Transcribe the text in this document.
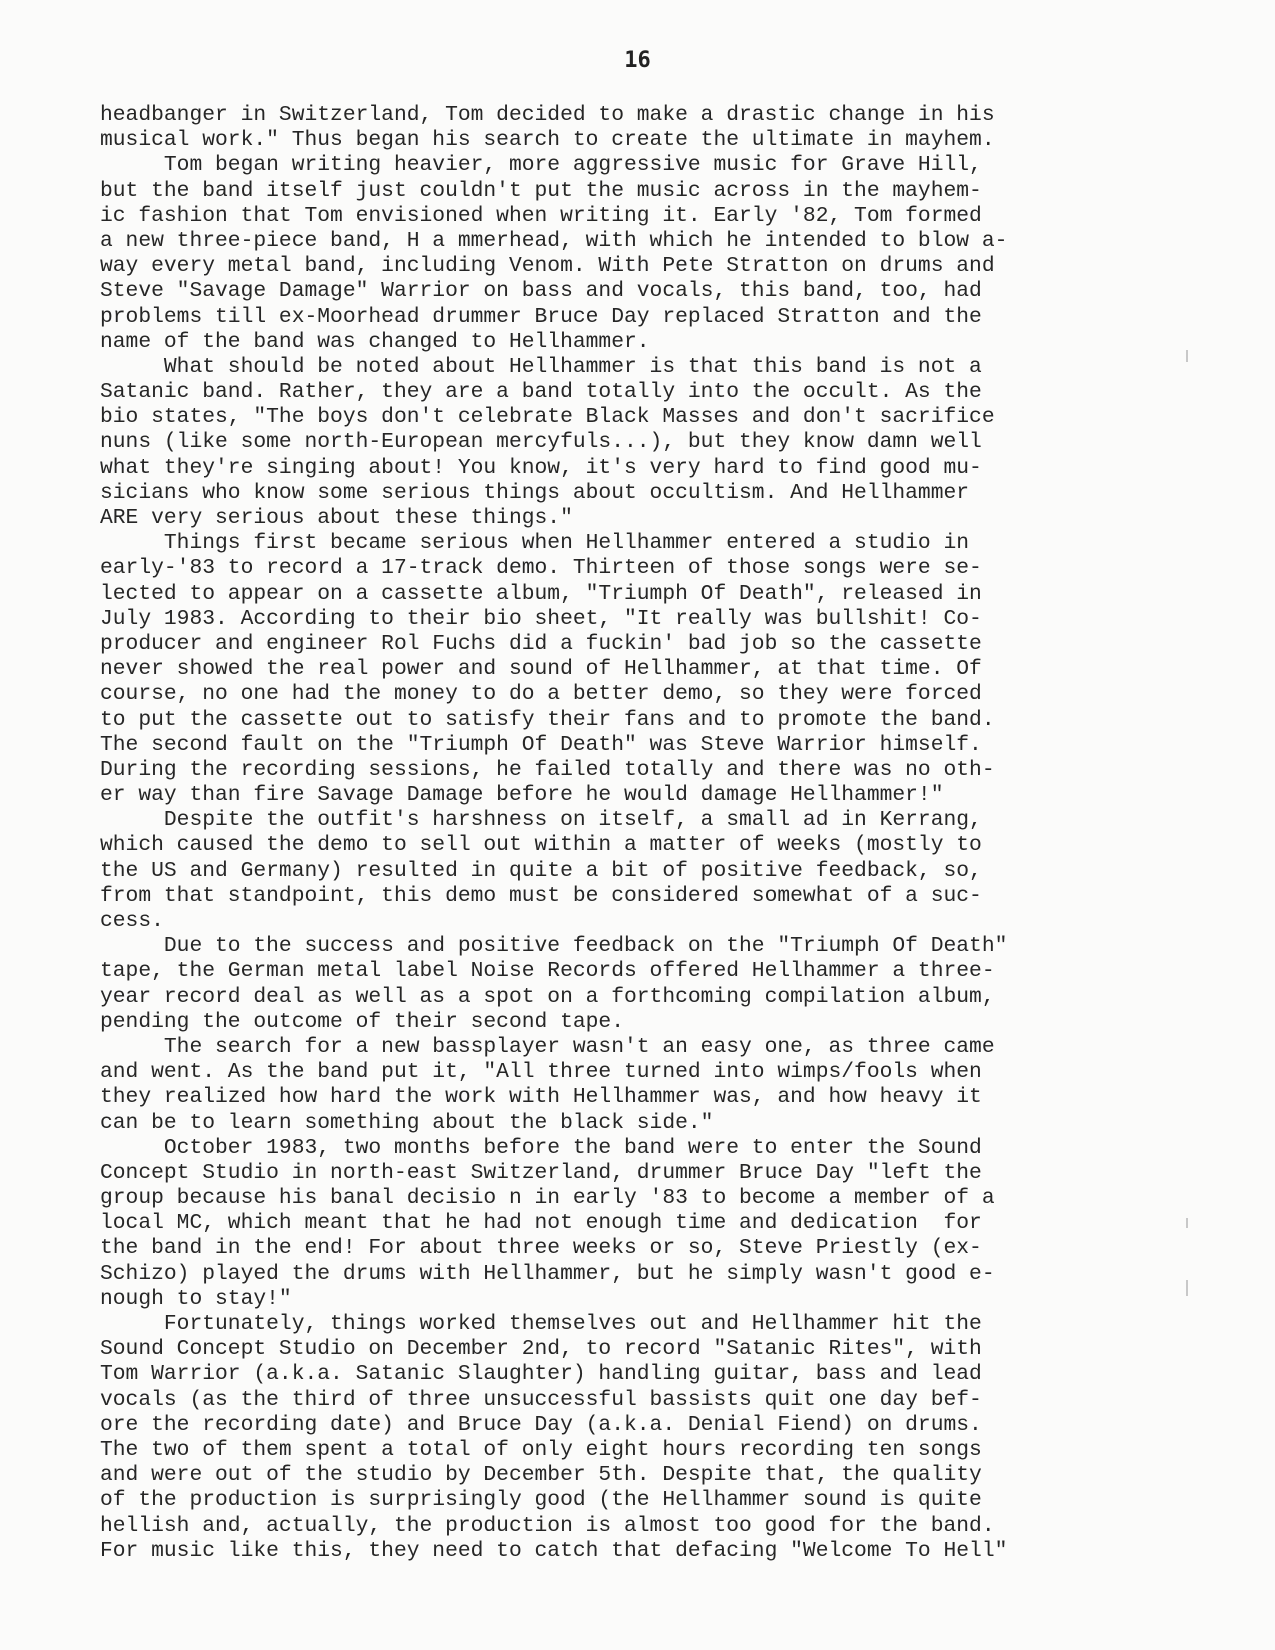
16
headbanger in Switzerland, Tom decided to make a drastic change in his
musical work." Thus began his search to create the ultimate in mayhem.
Tom began writing heavier, more aggressive music for Grave Hill,
but the band itself just couldn't put the music across in the mayhem-
ic fashion that Tom envisioned when writing it. Early '82, Tom formed
a new three-piece band, H a mmerhead, with which he intended to blow a-
way every metal band, including Venom. With Pete Stratton on drums and
Steve "Savage Damage" Warrior on bass and vocals, this band, too, had
problems till ex-Moorhead drummer Bruce Day replaced Stratton and the
name of the band was changed to Hellhammer.
What should be noted about Hellhammer is that this band is not a
Satanic band. Rather, they are a band totally into the occult. As the
bio states, "The boys don't celebrate Black Masses and don't sacrifice
nuns (like some north-European mercyfuls...), but they know damn well
what they're singing about! You know, it's very hard to find good mu-
sicians who know some serious things about occultism. And Hellhammer
ARE very serious about these things."
Things first became serious when Hellhammer entered a studio in
early-'83 to record a 17-track demo. Thirteen of those songs were se-
lected to appear on a cassette album, "Triumph Of Death", released in
July 1983. According to their bio sheet, "It really was bullshit! Co-
producer and engineer Rol Fuchs did a fuckin' bad job so the cassette
never showed the real power and sound of Hellhammer, at that time. Of
course, no one had the money to do a better demo, so they were forced
to put the cassette out to satisfy their fans and to promote the band.
The second fault on the "Triumph Of Death" was Steve Warrior himself.
During the recording sessions, he failed totally and there was no oth-
er way than fire Savage Damage before he would damage Hellhammer!"
Despite the outfit's harshness on itself, a small ad in Kerrang,
which caused the demo to sell out within a matter of weeks (mostly to
the US and Germany) resulted in quite a bit of positive feedback, so,
from that standpoint, this demo must be considered somewhat of a suc-
cess.
Due to the success and positive feedback on the "Triumph Of Death"
tape, the German metal label Noise Records offered Hellhammer a three-
year record deal as well as a spot on a forthcoming compilation album,
pending the outcome of their second tape.
The search for a new bassplayer wasn't an easy one, as three came
and went. As the band put it, "All three turned into wimps/fools when
they realized how hard the work with Hellhammer was, and how heavy it
can be to learn something about the black side."
October 1983, two months before the band were to enter the Sound
Concept Studio in north-east Switzerland, drummer Bruce Day "left the
group because his banal decisio n in early '83 to become a member of a
local MC, which meant that he had not enough time and dedication  for
the band in the end! For about three weeks or so, Steve Priestly (ex-
Schizo) played the drums with Hellhammer, but he simply wasn't good e-
nough to stay!"
Fortunately, things worked themselves out and Hellhammer hit the
Sound Concept Studio on December 2nd, to record "Satanic Rites", with
Tom Warrior (a.k.a. Satanic Slaughter) handling guitar, bass and lead
vocals (as the third of three unsuccessful bassists quit one day bef-
ore the recording date) and Bruce Day (a.k.a. Denial Fiend) on drums.
The two of them spent a total of only eight hours recording ten songs
and were out of the studio by December 5th. Despite that, the quality
of the production is surprisingly good (the Hellhammer sound is quite
hellish and, actually, the production is almost too good for the band.
For music like this, they need to catch that defacing "Welcome To Hell"
